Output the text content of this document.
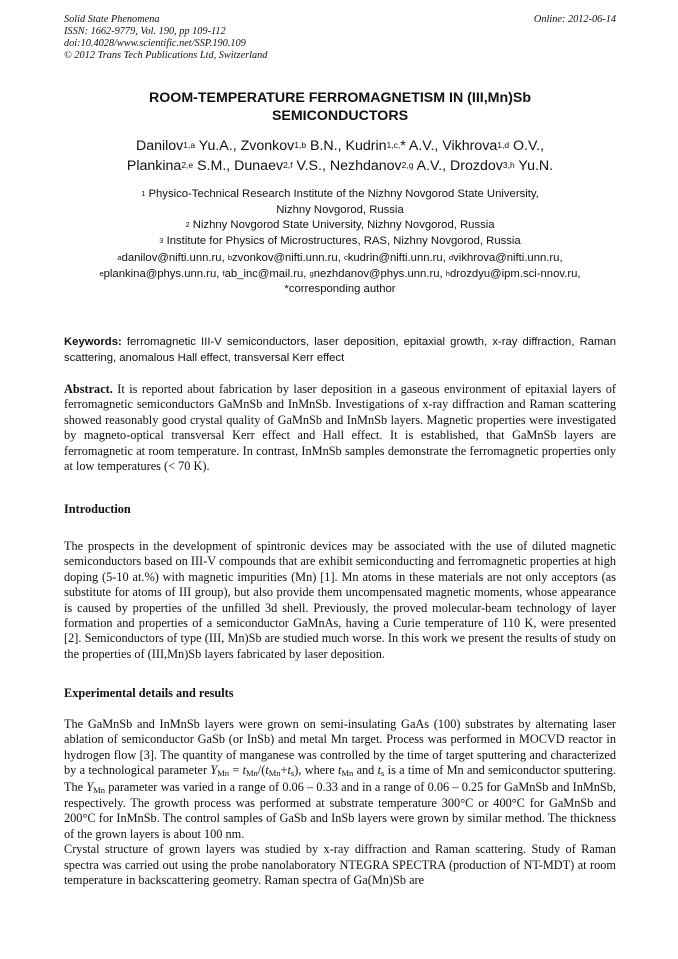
Solid State Phenomena
ISSN: 1662-9779, Vol. 190, pp 109-112
doi:10.4028/www.scientific.net/SSP.190.109
© 2012 Trans Tech Publications Ltd, Switzerland
Online: 2012-06-14
ROOM-TEMPERATURE FERROMAGNETISM IN (III,Mn)Sb
SEMICONDUCTORS
Danilov$^{1,a}$ Yu.A., Zvonkov$^{1,b}$ B.N., Kudrin$^{1,c,}$* A.V., Vikhrova$^{1,d}$ O.V.,
Plankina$^{2,e}$ S.M., Dunaev$^{2,f}$ V.S., Nezhdanov$^{2,g}$ A.V., Drozdov$^{3,h}$ Yu.N.
$^1$ Physico-Technical Research Institute of the Nizhny Novgorod State University,
Nizhny Novgorod, Russia
$^2$ Nizhny Novgorod State University, Nizhny Novgorod, Russia
$^3$ Institute for Physics of Microstructures, RAS, Nizhny Novgorod, Russia
$^a$danilov@nifti.unn.ru, $^b$zvonkov@nifti.unn.ru, $^c$kudrin@nifti.unn.ru, $^d$vikhrova@nifti.unn.ru,
$^e$plankina@phys.unn.ru, $^f$ab_inc@mail.ru, $^g$nezhdanov@phys.unn.ru, $^h$drozdyu@ipm.sci-nnov.ru,
*corresponding author
Keywords: ferromagnetic III-V semiconductors, laser deposition, epitaxial growth, x-ray diffraction, Raman scattering, anomalous Hall effect, transversal Kerr effect
Abstract. It is reported about fabrication by laser deposition in a gaseous environment of epitaxial layers of ferromagnetic semiconductors GaMnSb and InMnSb. Investigations of x-ray diffraction and Raman scattering showed reasonably good crystal quality of GaMnSb and InMnSb layers. Magnetic properties were investigated by magneto-optical transversal Kerr effect and Hall effect. It is established, that GaMnSb layers are ferromagnetic at room temperature. In contrast, InMnSb samples demonstrate the ferromagnetic properties only at low temperatures (< 70 K).
Introduction
The prospects in the development of spintronic devices may be associated with the use of diluted magnetic semiconductors based on III-V compounds that are exhibit semiconducting and ferromagnetic properties at high doping (5-10 at.%) with magnetic impurities (Mn) [1]. Mn atoms in these materials are not only acceptors (as substitute for atoms of III group), but also provide them uncompensated magnetic moments, whose appearance is caused by properties of the unfilled 3d shell. Previously, the proved molecular-beam technology of layer formation and properties of a semiconductor GaMnAs, having a Curie temperature of 110 K, were presented [2]. Semiconductors of type (III, Mn)Sb are studied much worse. In this work we present the results of study on the properties of (III,Mn)Sb layers fabricated by laser deposition.
Experimental details and results

The GaMnSb and InMnSb layers were grown on semi-insulating GaAs (100) substrates by alternating laser ablation of semiconductor GaSb (or InSb) and metal Mn target. Process was performed in MOCVD reactor in hydrogen flow [3]. The quantity of manganese was controlled by the time of target sputtering and characterized by a technological parameter $Y_{Mn} = t_{Mn}/(t_{Mn}+t_s)$, where $t_{Mn}$ and $t_s$ is a time of Mn and semiconductor sputtering. The $Y_{Mn}$ parameter was varied in a range of 0.06 – 0.33 and in a range of 0.06 – 0.25 for GaMnSb and InMnSb, respectively. The growth process was performed at substrate temperature 300°C or 400°C for GaMnSb and 200°C for InMnSb. The control samples of GaSb and InSb layers were grown by similar method. The thickness of the grown layers is about 100 nm.

Crystal structure of grown layers was studied by x-ray diffraction and Raman scattering. Study of Raman spectra was carried out using the probe nanolaboratory NTEGRA SPECTRA (production of NT-MDT) at room temperature in backscattering geometry. Raman spectra of Ga(Mn)Sb are
